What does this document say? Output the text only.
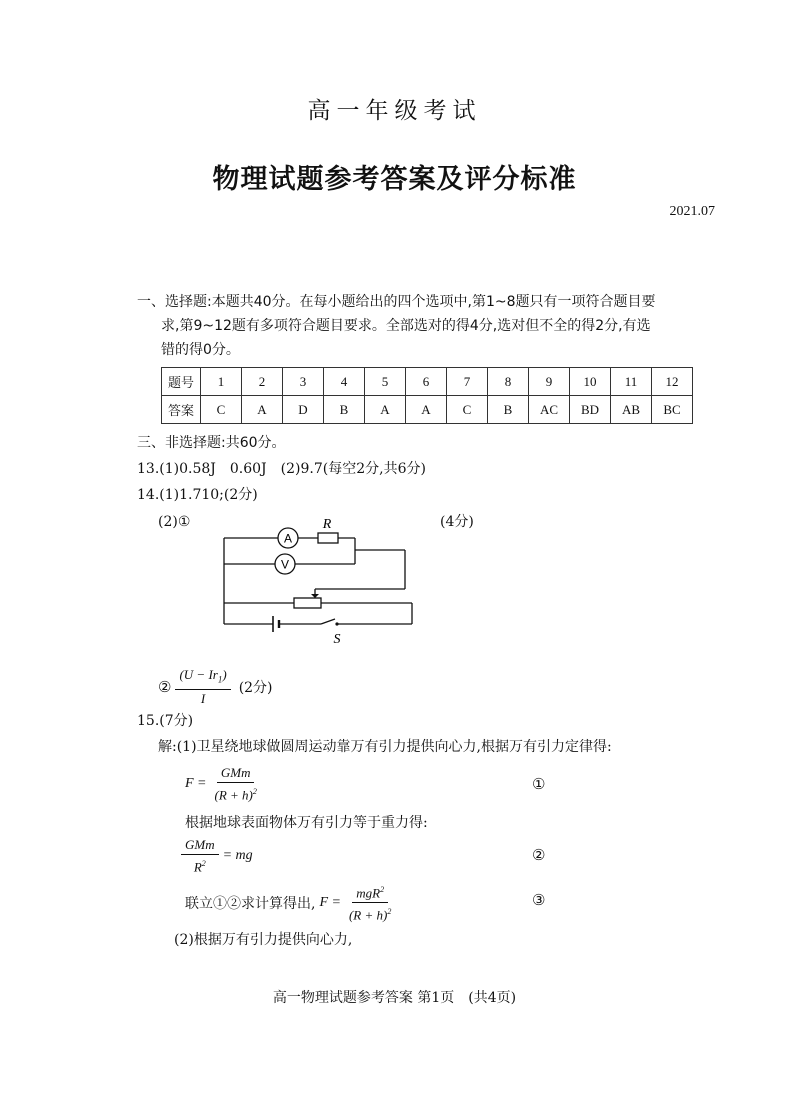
高一年级考试
物理试题参考答案及评分标准
2021.07
一、选择题:本题共40分。在每小题给出的四个选项中,第1~8题只有一项符合题目要
求,第9~12题有多项符合题目要求。全部选对的得4分,选对但不全的得2分,有选
错的得0分。
题号	1	2	3	4	5	6	7	8	9	10	11	12
答案	C	A	D	B	A	A	C	B	AC	BD	AB	BC
三、非选择题:共60分。
13.(1)0.58J　0.60J　(2)9.7(每空2分,共6分)
14.(1)1.710;(2分)
(2)①	(4分)
A
V
R
S
② $\frac{(U - Ir_1)}{I} (2$分)
15.(7分)
解:(1)卫星绕地球做圆周运动靠万有引力提供向心力,根据万有引力定律得:
$F = \frac{\text{GMm}}{(R + h)^2}$	①
根据地球表面物体万有引力等于重力得:
$\frac{\text{GMm}}{R^2}$ = mg	②
联立①②求计算得出, $F = \frac{mgR^2}{(R + h)^2}$	③
(2)根据万有引力提供向心力,
高一物理试题参考答案 第1页　(共4页)
